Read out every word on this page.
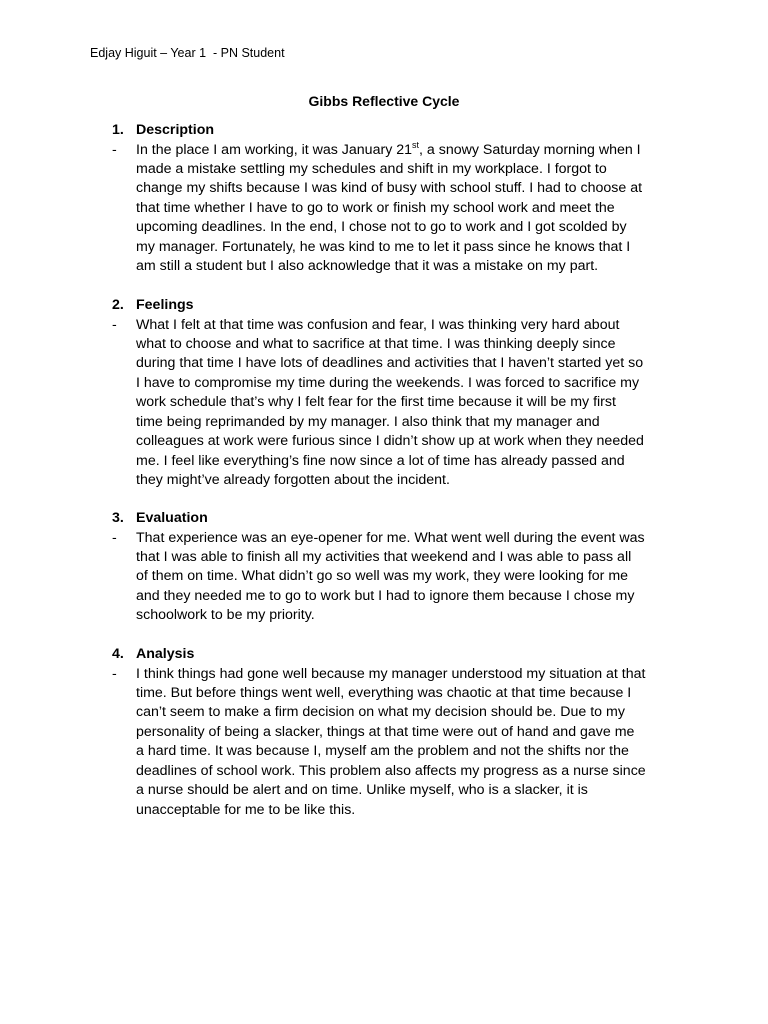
Edjay Higuit – Year 1  - PN Student
Gibbs Reflective Cycle
1. Description
-	In the place I am working, it was January 21st, a snowy Saturday morning when I
made a mistake settling my schedules and shift in my workplace. I forgot to
change my shifts because I was kind of busy with school stuff. I had to choose at
that time whether I have to go to work or finish my school work and meet the
upcoming deadlines. In the end, I chose not to go to work and I got scolded by
my manager. Fortunately, he was kind to me to let it pass since he knows that I
am still a student but I also acknowledge that it was a mistake on my part.
2. Feelings
-	What I felt at that time was confusion and fear, I was thinking very hard about
what to choose and what to sacrifice at that time. I was thinking deeply since
during that time I have lots of deadlines and activities that I haven’t started yet so
I have to compromise my time during the weekends. I was forced to sacrifice my
work schedule that’s why I felt fear for the first time because it will be my first
time being reprimanded by my manager. I also think that my manager and
colleagues at work were furious since I didn’t show up at work when they needed
me. I feel like everything’s fine now since a lot of time has already passed and
they might’ve already forgotten about the incident.
3. Evaluation
-	That experience was an eye-opener for me. What went well during the event was
that I was able to finish all my activities that weekend and I was able to pass all
of them on time. What didn’t go so well was my work, they were looking for me
and they needed me to go to work but I had to ignore them because I chose my
schoolwork to be my priority.
4. Analysis
-	I think things had gone well because my manager understood my situation at that
time. But before things went well, everything was chaotic at that time because I
can’t seem to make a firm decision on what my decision should be. Due to my
personality of being a slacker, things at that time were out of hand and gave me
a hard time. It was because I, myself am the problem and not the shifts nor the
deadlines of school work. This problem also affects my progress as a nurse since
a nurse should be alert and on time. Unlike myself, who is a slacker, it is
unacceptable for me to be like this.
